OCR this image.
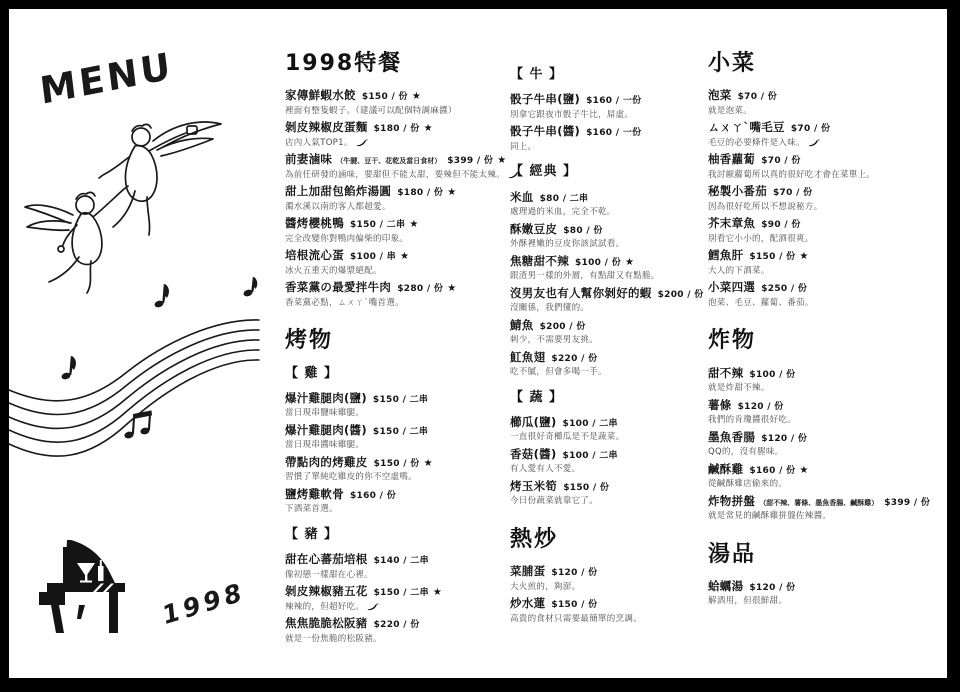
MENU
1998
1998特餐
家傳鮮蝦水餃 $150 / 份 ★
裡面有整隻蝦子。（建議可以配個特調麻醬）
剝皮辣椒皮蛋麵 $180 / 份 ★
店內人氣TOP1。
前妻滷味 （牛腱、豆干、花乾及當日食材） $399 / 份 ★
為前任研發的滷味，要甜但不能太甜，要辣但不能太辣。
甜上加甜包餡炸湯圓 $180 / 份 ★
濁水溪以南的客人都超愛。
醬烤櫻桃鴨 $150 / 二串 ★
完全改變你對鴨肉偏柴的印象。
培根流心蛋 $100 / 串 ★
冰火五重天的爆漿絕配。
香菜黨の最愛拌牛肉 $280 / 份 ★
香菜黨必點，ㄙㄨㄚˋ嘴首選。
烤物
【 雞 】
爆汁雞腿肉(鹽) $150 / 二串
當日現串鹽味雞腿。
爆汁雞腿肉(醬) $150 / 二串
當日現串醬味雞腿。
帶點肉的烤雞皮 $150 / 份 ★
習慣了單純吃雞皮的你不空虛嗎。
鹽烤雞軟骨 $160 / 份
下酒菜首選。
【 豬 】
甜在心蕃茄培根 $140 / 二串
像初戀一樣甜在心裡。
剝皮辣椒豬五花 $150 / 二串 ★
辣辣的，但超好吃。
焦焦脆脆松阪豬 $220 / 份
就是一份焦脆的松阪豬。
【 牛 】
骰子牛串(鹽) $160 / 一份
別拿它跟夜市骰子牛比，屌虛。
骰子牛串(醬) $160 / 一份
同上。
【 經典 】
米血 $80 / 二串
處理過的米血，完全不乾。
酥嫩豆皮 $80 / 份
外酥裡嫩的豆皮你該試試看。
焦糖甜不辣 $100 / 份 ★
跟渣男一樣的外層，有點甜又有點脆。
沒男友也有人幫你剝好的蝦 $200 / 份
沒關係，我們懂的。
鯖魚 $200 / 份
刺少，不需要男友挑。
魟魚翅 $220 / 份
吃不膩，但會多喝一手。
【 蔬 】
櫛瓜(鹽) $100 / 二串
一直很好奇櫛瓜是不是蔬菜。
香菇(醬) $100 / 二串
有人愛有人不愛。
烤玉米筍 $150 / 份
今日份蔬菜就靠它了。
熱炒
菜脯蛋 $120 / 份
大火煎的，夠澎。
炒水蓮 $150 / 份
高貴的食材只需要最簡單的烹調。
小菜
泡菜 $70 / 份
就是泡菜。
ㄙㄨㄚˋ嘴毛豆 $70 / 份
毛豆的必要條件是入味。
柚香蘿蔔 $70 / 份
我討厭蘿蔔所以真的很好吃才會在菜單上。
秘製小番茄 $70 / 份
因為很好吃所以不想說秘方。
芥末章魚 $90 / 份
別看它小小的，配酒很爽。
鱈魚肝 $150 / 份 ★
大人的下酒菜。
小菜四選 $250 / 份
泡菜、毛豆、蘿蔔、番茄。
炸物
甜不辣 $100 / 份
就是炸甜不辣。
薯條 $120 / 份
我們的肯瓊醬很好吃。
墨魚香腸 $120 / 份
QQ的，沒有腥味。
鹹酥雞 $160 / 份 ★
從鹹酥雞店偷來的。
炸物拼盤 （甜不辣、薯條、墨魚香腸、鹹酥雞） $399 / 份
就是常見的鹹酥雞拼盤佐辣醬。
湯品
蛤蠣湯 $120 / 份
解酒用，但很鮮甜。
